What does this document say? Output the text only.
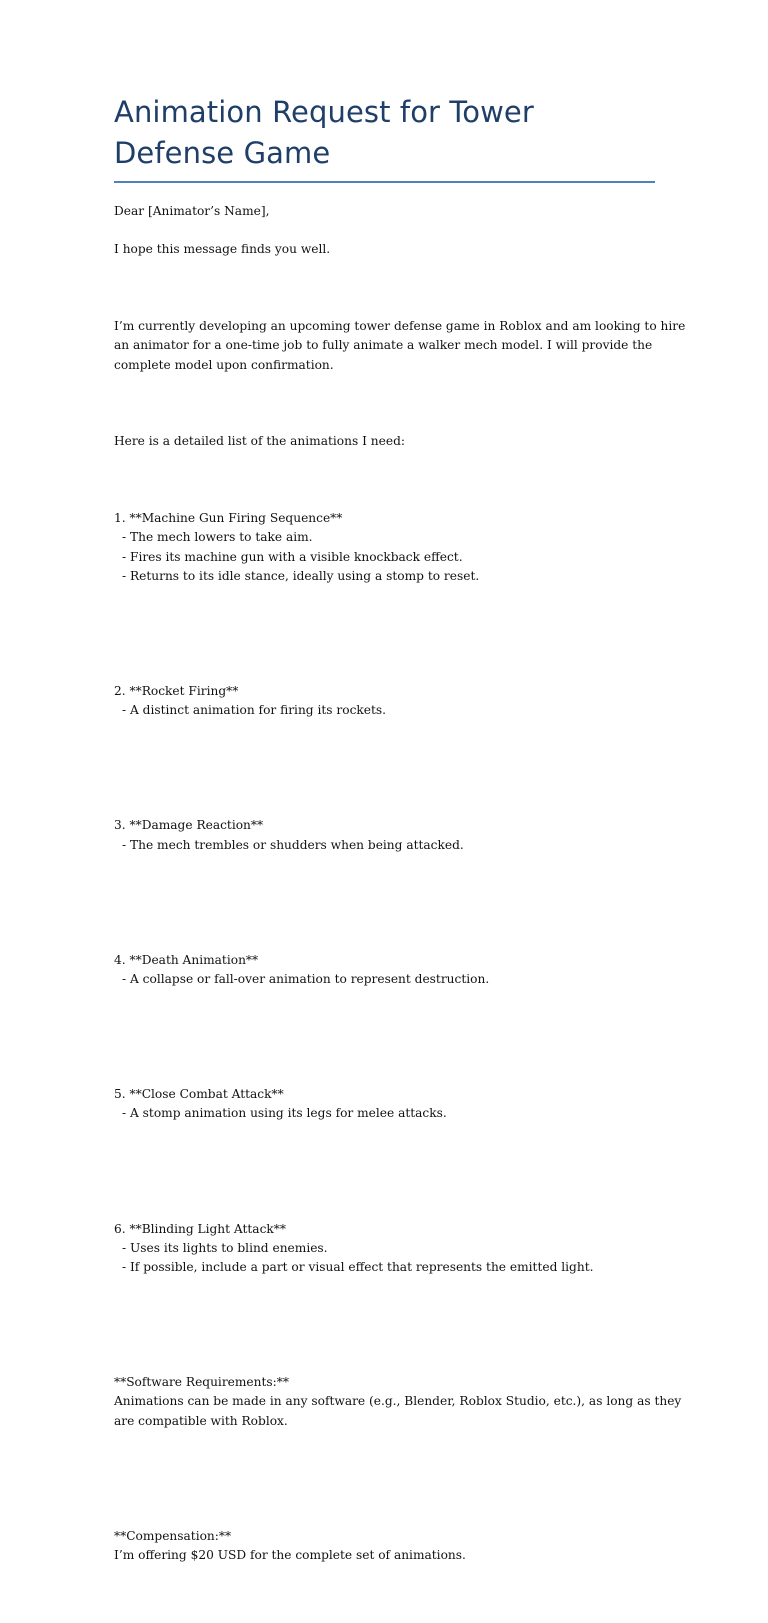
Animation Request for Tower Defense Game

Dear [Animator’s Name],

I hope this message finds you well.

I’m currently developing an upcoming tower defense game in Roblox and am looking to hire
an animator for a one-time job to fully animate a walker mech model. I will provide the
complete model upon confirmation.

Here is a detailed list of the animations I need:

1. **Machine Gun Firing Sequence**
- The mech lowers to take aim.
- Fires its machine gun with a visible knockback effect.
- Returns to its idle stance, ideally using a stomp to reset.

2. **Rocket Firing**
- A distinct animation for firing its rockets.

3. **Damage Reaction**
- The mech trembles or shudders when being attacked.

4. **Death Animation**
- A collapse or fall-over animation to represent destruction.

5. **Close Combat Attack**
- A stomp animation using its legs for melee attacks.

6. **Blinding Light Attack**
- Uses its lights to blind enemies.
- If possible, include a part or visual effect that represents the emitted light.

**Software Requirements:**
Animations can be made in any software (e.g., Blender, Roblox Studio, etc.), as long as they
are compatible with Roblox.

**Compensation:**
I’m offering $20 USD for the complete set of animations.
